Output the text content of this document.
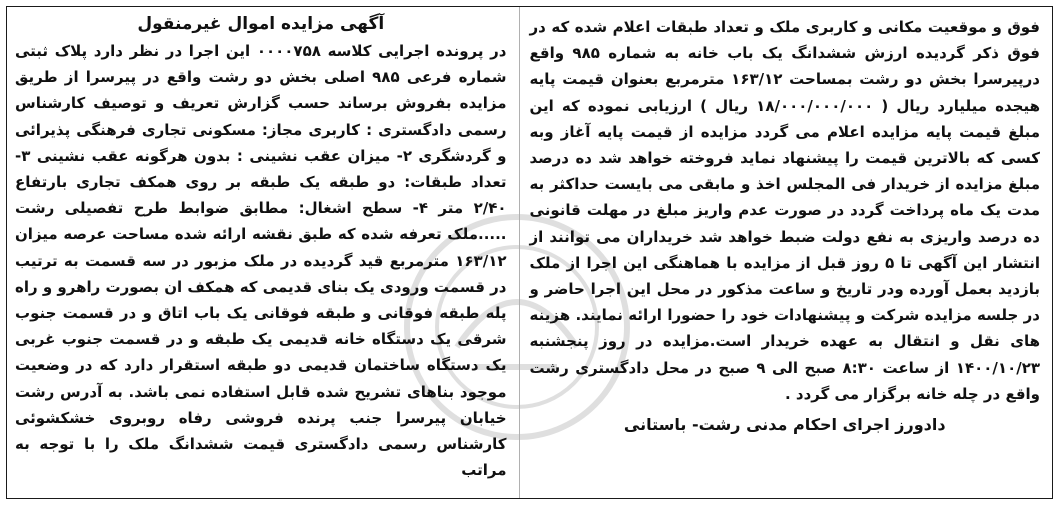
آگهی مزایده اموال غیرمنقول

در پرونده اجرایی کلاسه ۰۰۰۰۷۵۸ این اجرا در نظر دارد پلاک ثبتی شماره فرعی ۹۸۵ اصلی بخش دو رشت واقع در پیرسرا از طریق مزایده بفروش برساند حسب گزارش تعریف و توصیف کارشناس رسمی دادگستری : کاربری مجاز: مسکونی تجاری فرهنگی پذیرائی و گردشگری ۲- میزان عقب نشینی : بدون هرگونه عقب نشینی ۳- تعداد طبقات: دو طبقه یک طبقه بر روی همکف تجاری بارتفاع ۲/۴۰ متر ۴- سطح اشغال: مطابق ضوابط طرح تفصیلی رشت .....ملک تعرفه شده که طبق نقشه ارائه شده مساحت عرصه میزان ۱۶۳/۱۲ مترمربع قید گردیده در ملک مزبور در سه قسمت به ترتیب در قسمت ورودی یک بنای قدیمی که همکف ان بصورت راهرو و راه پله طبقه فوقانی و طبقه فوقانی یک باب اتاق و در قسمت جنوب شرقی یک دستگاه خانه قدیمی یک طبقه و در قسمت جنوب غربی یک دستگاه ساختمان قدیمی دو طبقه استقرار دارد که در وضعیت موجود بناهای تشریح شده قابل استفاده نمی باشد. به آدرس رشت خیابان پیرسرا جنب پرنده فروشی رفاه روبروی خشکشوئی کارشناس رسمی دادگستری قیمت ششدانگ ملک را با توجه به مراتب

فوق و موقعیت مکانی و کاربری ملک و تعداد طبقات اعلام شده که در فوق ذکر گردیده ارزش ششدانگ یک باب خانه به شماره ۹۸۵ واقع درپیرسرا بخش دو رشت بمساحت ۱۶۳/۱۲ مترمربع بعنوان قیمت پایه هیجده میلیارد ریال ( ۱۸/۰۰۰/۰۰۰/۰۰۰ ریال ) ارزیابی نموده که این مبلغ قیمت پایه مزایده اعلام می گردد مزایده از قیمت پایه آغاز وبه کسی که بالاترین قیمت را پیشنهاد نماید فروخته خواهد شد ده درصد مبلغ مزایده از خریدار فی المجلس اخذ و مابقی می بایست حداکثر به مدت یک ماه پرداخت گردد در صورت عدم واریز مبلغ در مهلت قانونی ده درصد واریزی به نفع دولت ضبط خواهد شد خریداران می توانند از انتشار این آگهی تا ۵ روز قبل از مزایده با هماهنگی این اجرا از ملک بازدید بعمل آورده ودر تاریخ و ساعت مذکور در محل این اجرا حاضر و در جلسه مزایده شرکت و پیشنهادات خود را حضورا ارائه نمایند. هزینه های نقل و انتقال به عهده خریدار است.مزایده در روز پنجشنبه ۱۴۰۰/۱۰/۲۳ از ساعت ۸:۳۰ صبح الی ۹ صبح در محل دادگستری رشت واقع در چله خانه برگزار می گردد .

دادورز اجرای احکام مدنی رشت- باستانی
